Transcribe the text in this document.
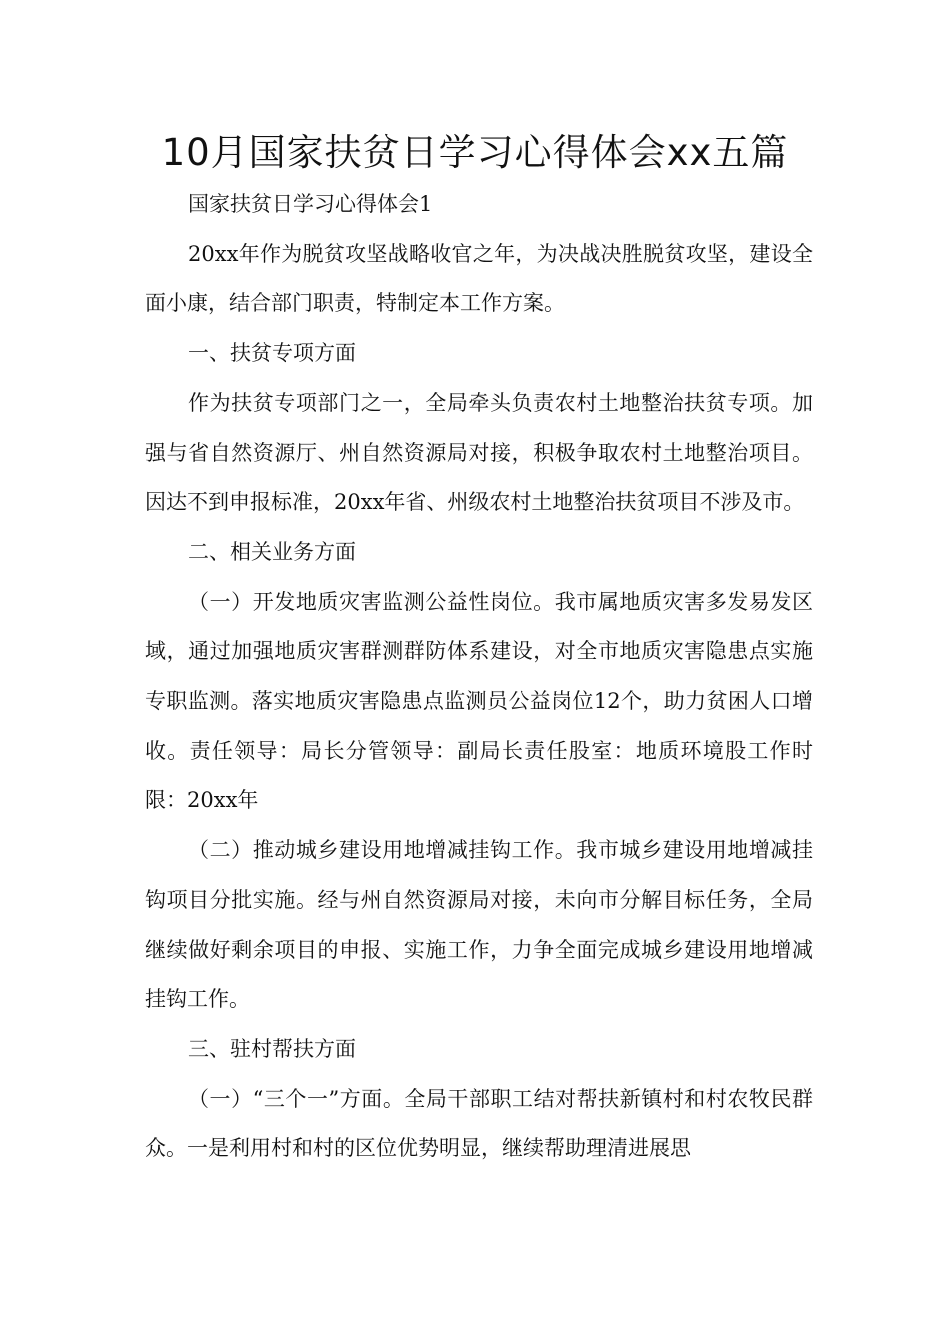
10月国家扶贫日学习心得体会xx五篇

国家扶贫日学习心得体会1

20xx年作为脱贫攻坚战略收官之年，为决战决胜脱贫攻坚，建设全面小康，结合部门职责，特制定本工作方案。

一、扶贫专项方面

作为扶贫专项部门之一，全局牵头负责农村土地整治扶贫专项。加强与省自然资源厅、州自然资源局对接，积极争取农村土地整治项目。因达不到申报标准，20xx年省、州级农村土地整治扶贫项目不涉及市。

二、相关业务方面

（一）开发地质灾害监测公益性岗位。我市属地质灾害多发易发区域，通过加强地质灾害群测群防体系建设，对全市地质灾害隐患点实施专职监测。落实地质灾害隐患点监测员公益岗位12个，助力贫困人口增收。责任领导：局长分管领导：副局长责任股室：地质环境股工作时限：20xx年

（二）推动城乡建设用地增减挂钩工作。我市城乡建设用地增减挂钩项目分批实施。经与州自然资源局对接，未向市分解目标任务，全局继续做好剩余项目的申报、实施工作，力争全面完成城乡建设用地增减挂钩工作。

三、驻村帮扶方面

（一）“三个一”方面。全局干部职工结对帮扶新镇村和村农牧民群众。一是利用村和村的区位优势明显，继续帮助理清进展思
